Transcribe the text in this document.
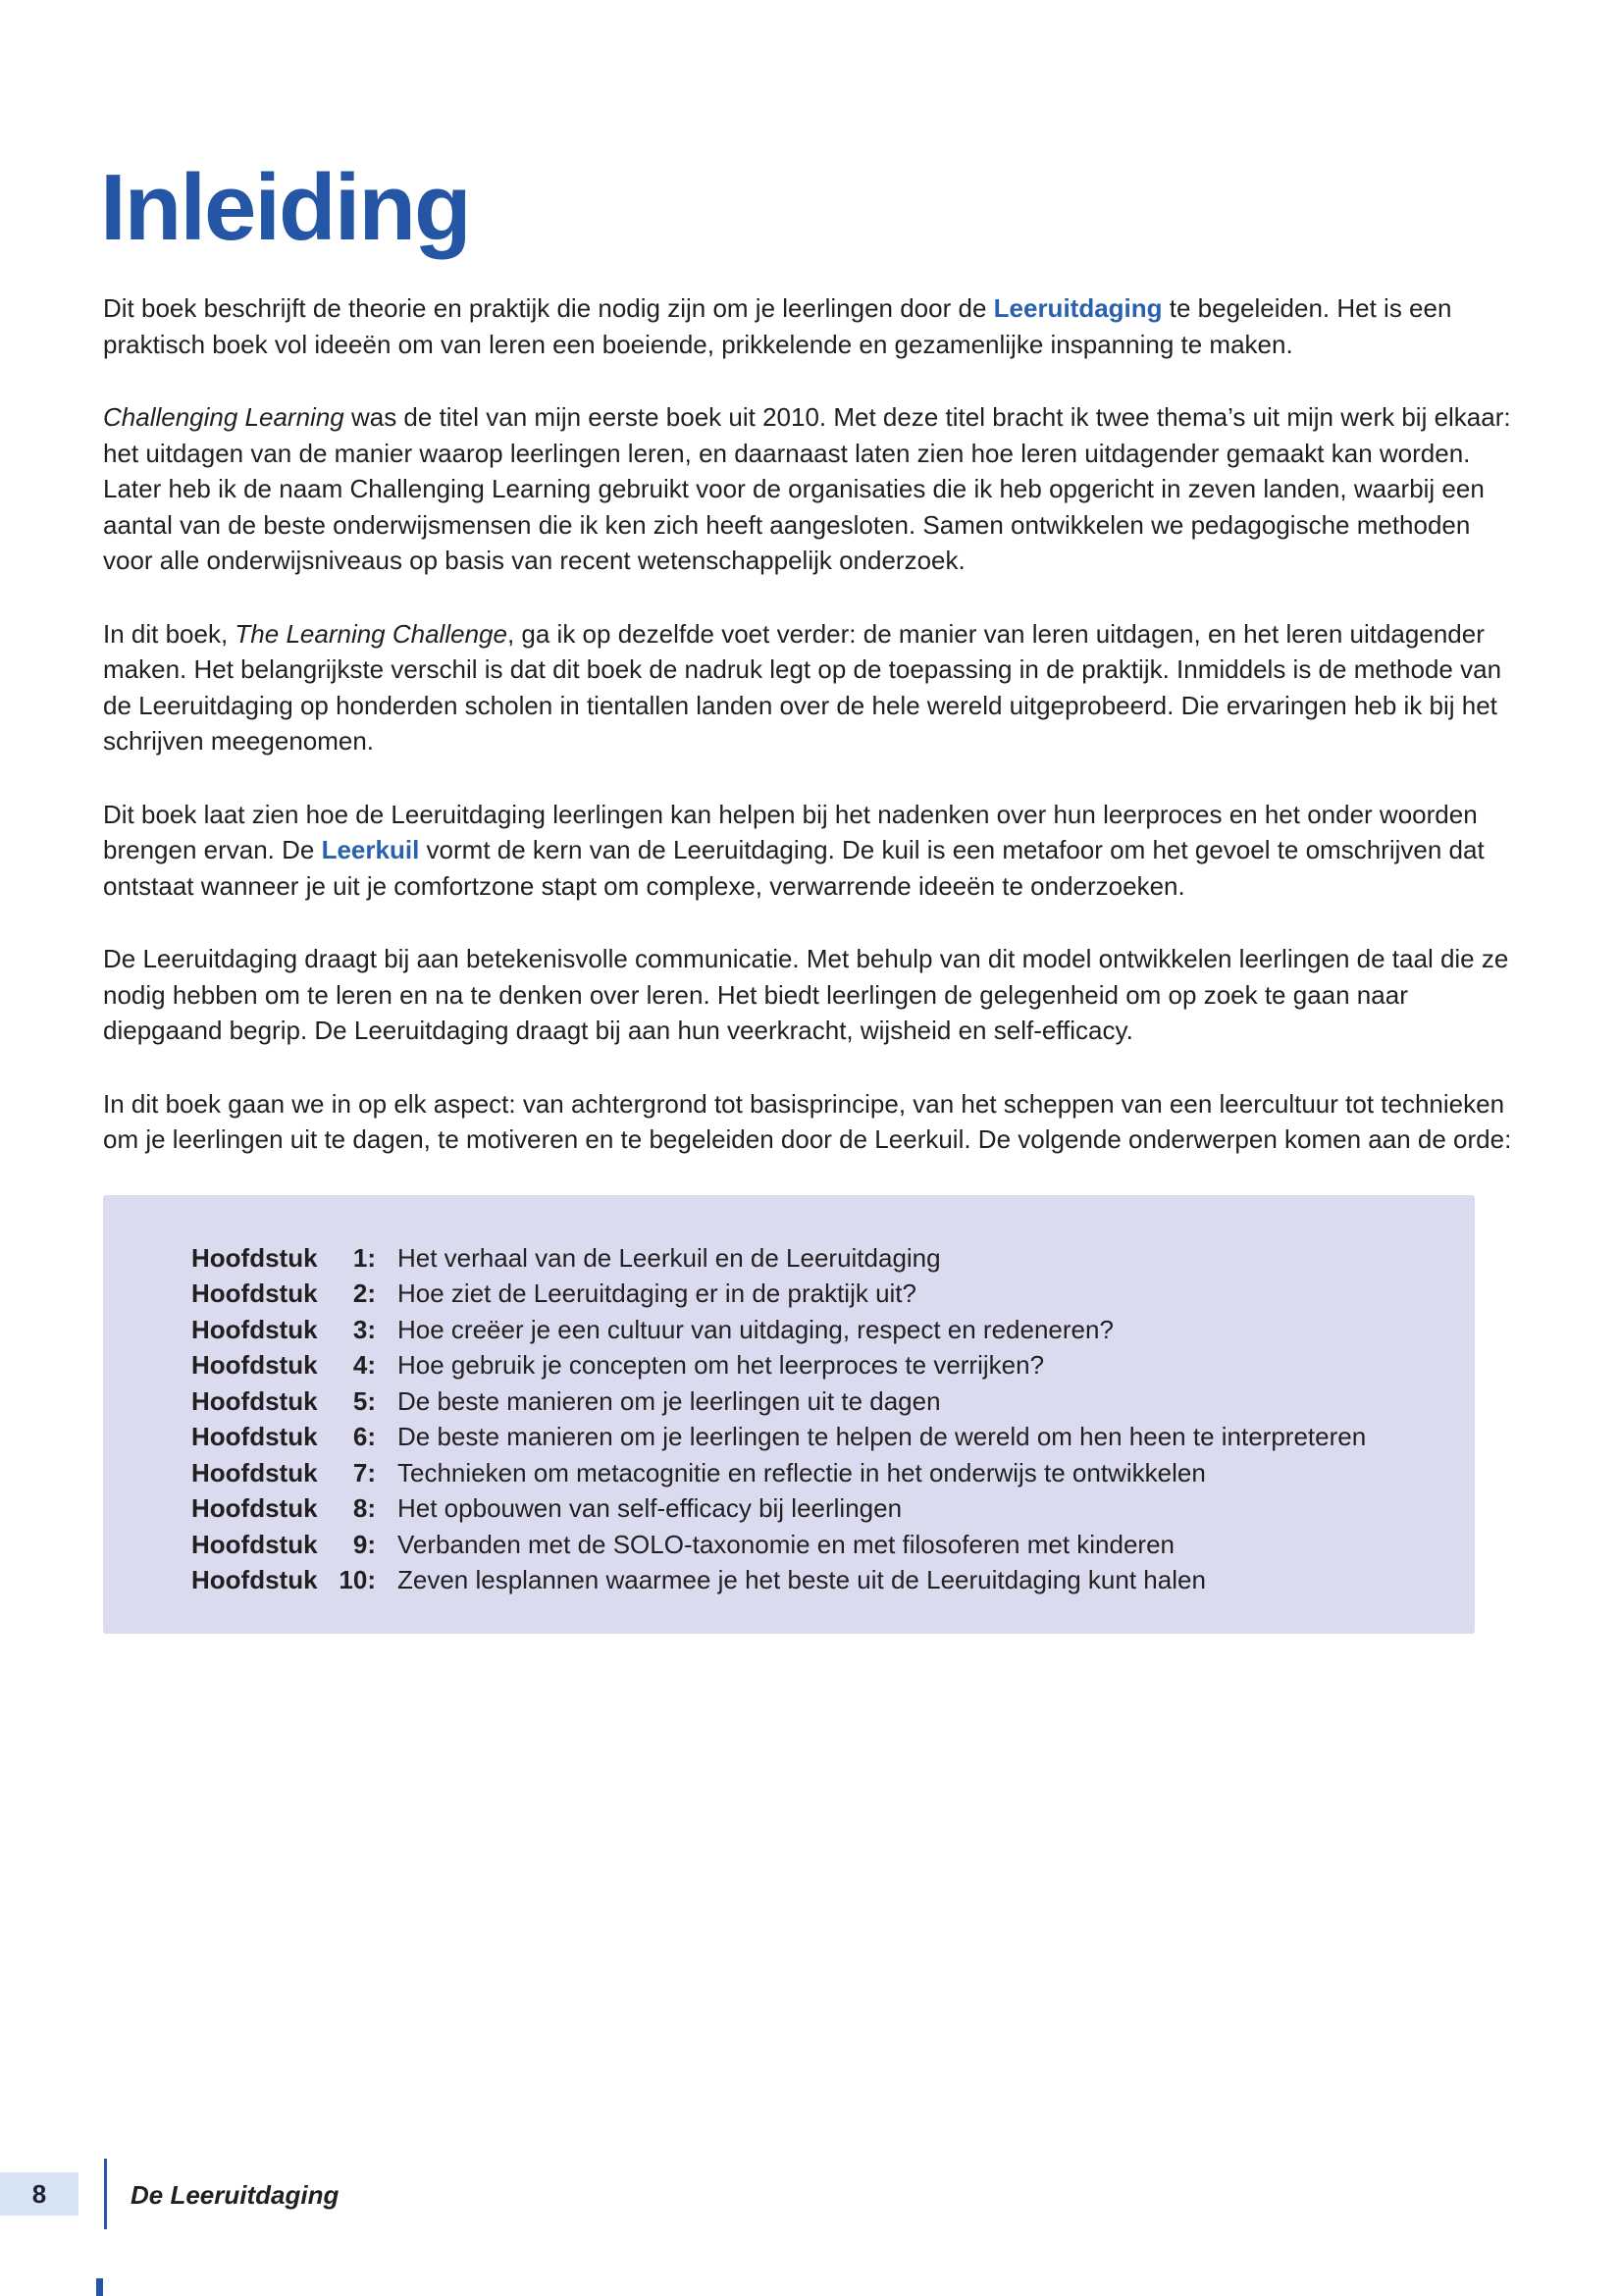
Inleiding

Dit boek beschrijft de theorie en praktijk die nodig zijn om je leerlingen door de Leeruitdaging te begeleiden. Het is een praktisch boek vol ideeën om van leren een boeiende, prikkelende en gezamenlijke inspanning te maken.

Challenging Learning was de titel van mijn eerste boek uit 2010. Met deze titel bracht ik twee thema’s uit mijn werk bij elkaar: het uitdagen van de manier waarop leerlingen leren, en daarnaast laten zien hoe leren uitdagender gemaakt kan worden. Later heb ik de naam Challenging Learning gebruikt voor de organisaties die ik heb opgericht in zeven landen, waarbij een aantal van de beste onderwijsmensen die ik ken zich heeft aangesloten. Samen ontwikkelen we pedagogische methoden voor alle onderwijsniveaus op basis van recent wetenschappelijk onderzoek.

In dit boek, The Learning Challenge, ga ik op dezelfde voet verder: de manier van leren uitdagen, en het leren uitdagender maken. Het belangrijkste verschil is dat dit boek de nadruk legt op de toepassing in de praktijk. Inmiddels is de methode van de Leeruitdaging op honderden scholen in tientallen landen over de hele wereld uitgeprobeerd. Die ervaringen heb ik bij het schrijven meegenomen.

Dit boek laat zien hoe de Leeruitdaging leerlingen kan helpen bij het nadenken over hun leerproces en het onder woorden brengen ervan. De Leerkuil vormt de kern van de Leeruitdaging. De kuil is een metafoor om het gevoel te omschrijven dat ontstaat wanneer je uit je comfortzone stapt om complexe, verwarrende ideeën te onderzoeken.

De Leeruitdaging draagt bij aan betekenisvolle communicatie. Met behulp van dit model ontwikkelen leerlingen de taal die ze nodig hebben om te leren en na te denken over leren. Het biedt leerlingen de gelegenheid om op zoek te gaan naar diepgaand begrip. De Leeruitdaging draagt bij aan hun veerkracht, wijsheid en self-efficacy.

In dit boek gaan we in op elk aspect: van achtergrond tot basisprincipe, van het scheppen van een leercultuur tot technieken om je leerlingen uit te dagen, te motiveren en te begeleiden door de Leerkuil. De volgende onderwerpen komen aan de orde:

Hoofdstuk	1: Het verhaal van de Leerkuil en de Leeruitdaging
Hoofdstuk	2: Hoe ziet de Leeruitdaging er in de praktijk uit?
Hoofdstuk	3: Hoe creëer je een cultuur van uitdaging, respect en redeneren?
Hoofdstuk	4: Hoe gebruik je concepten om het leerproces te verrijken?
Hoofdstuk	5: De beste manieren om je leerlingen uit te dagen
Hoofdstuk	6: De beste manieren om je leerlingen te helpen de wereld om hen heen te interpreteren
Hoofdstuk	7: Technieken om metacognitie en reflectie in het onderwijs te ontwikkelen
Hoofdstuk	8: Het opbouwen van self-efficacy bij leerlingen
Hoofdstuk	9: Verbanden met de SOLO-taxonomie en met filosoferen met kinderen
Hoofdstuk 10: Zeven lesplannen waarmee je het beste uit de Leeruitdaging kunt halen
8	De Leeruitdaging
